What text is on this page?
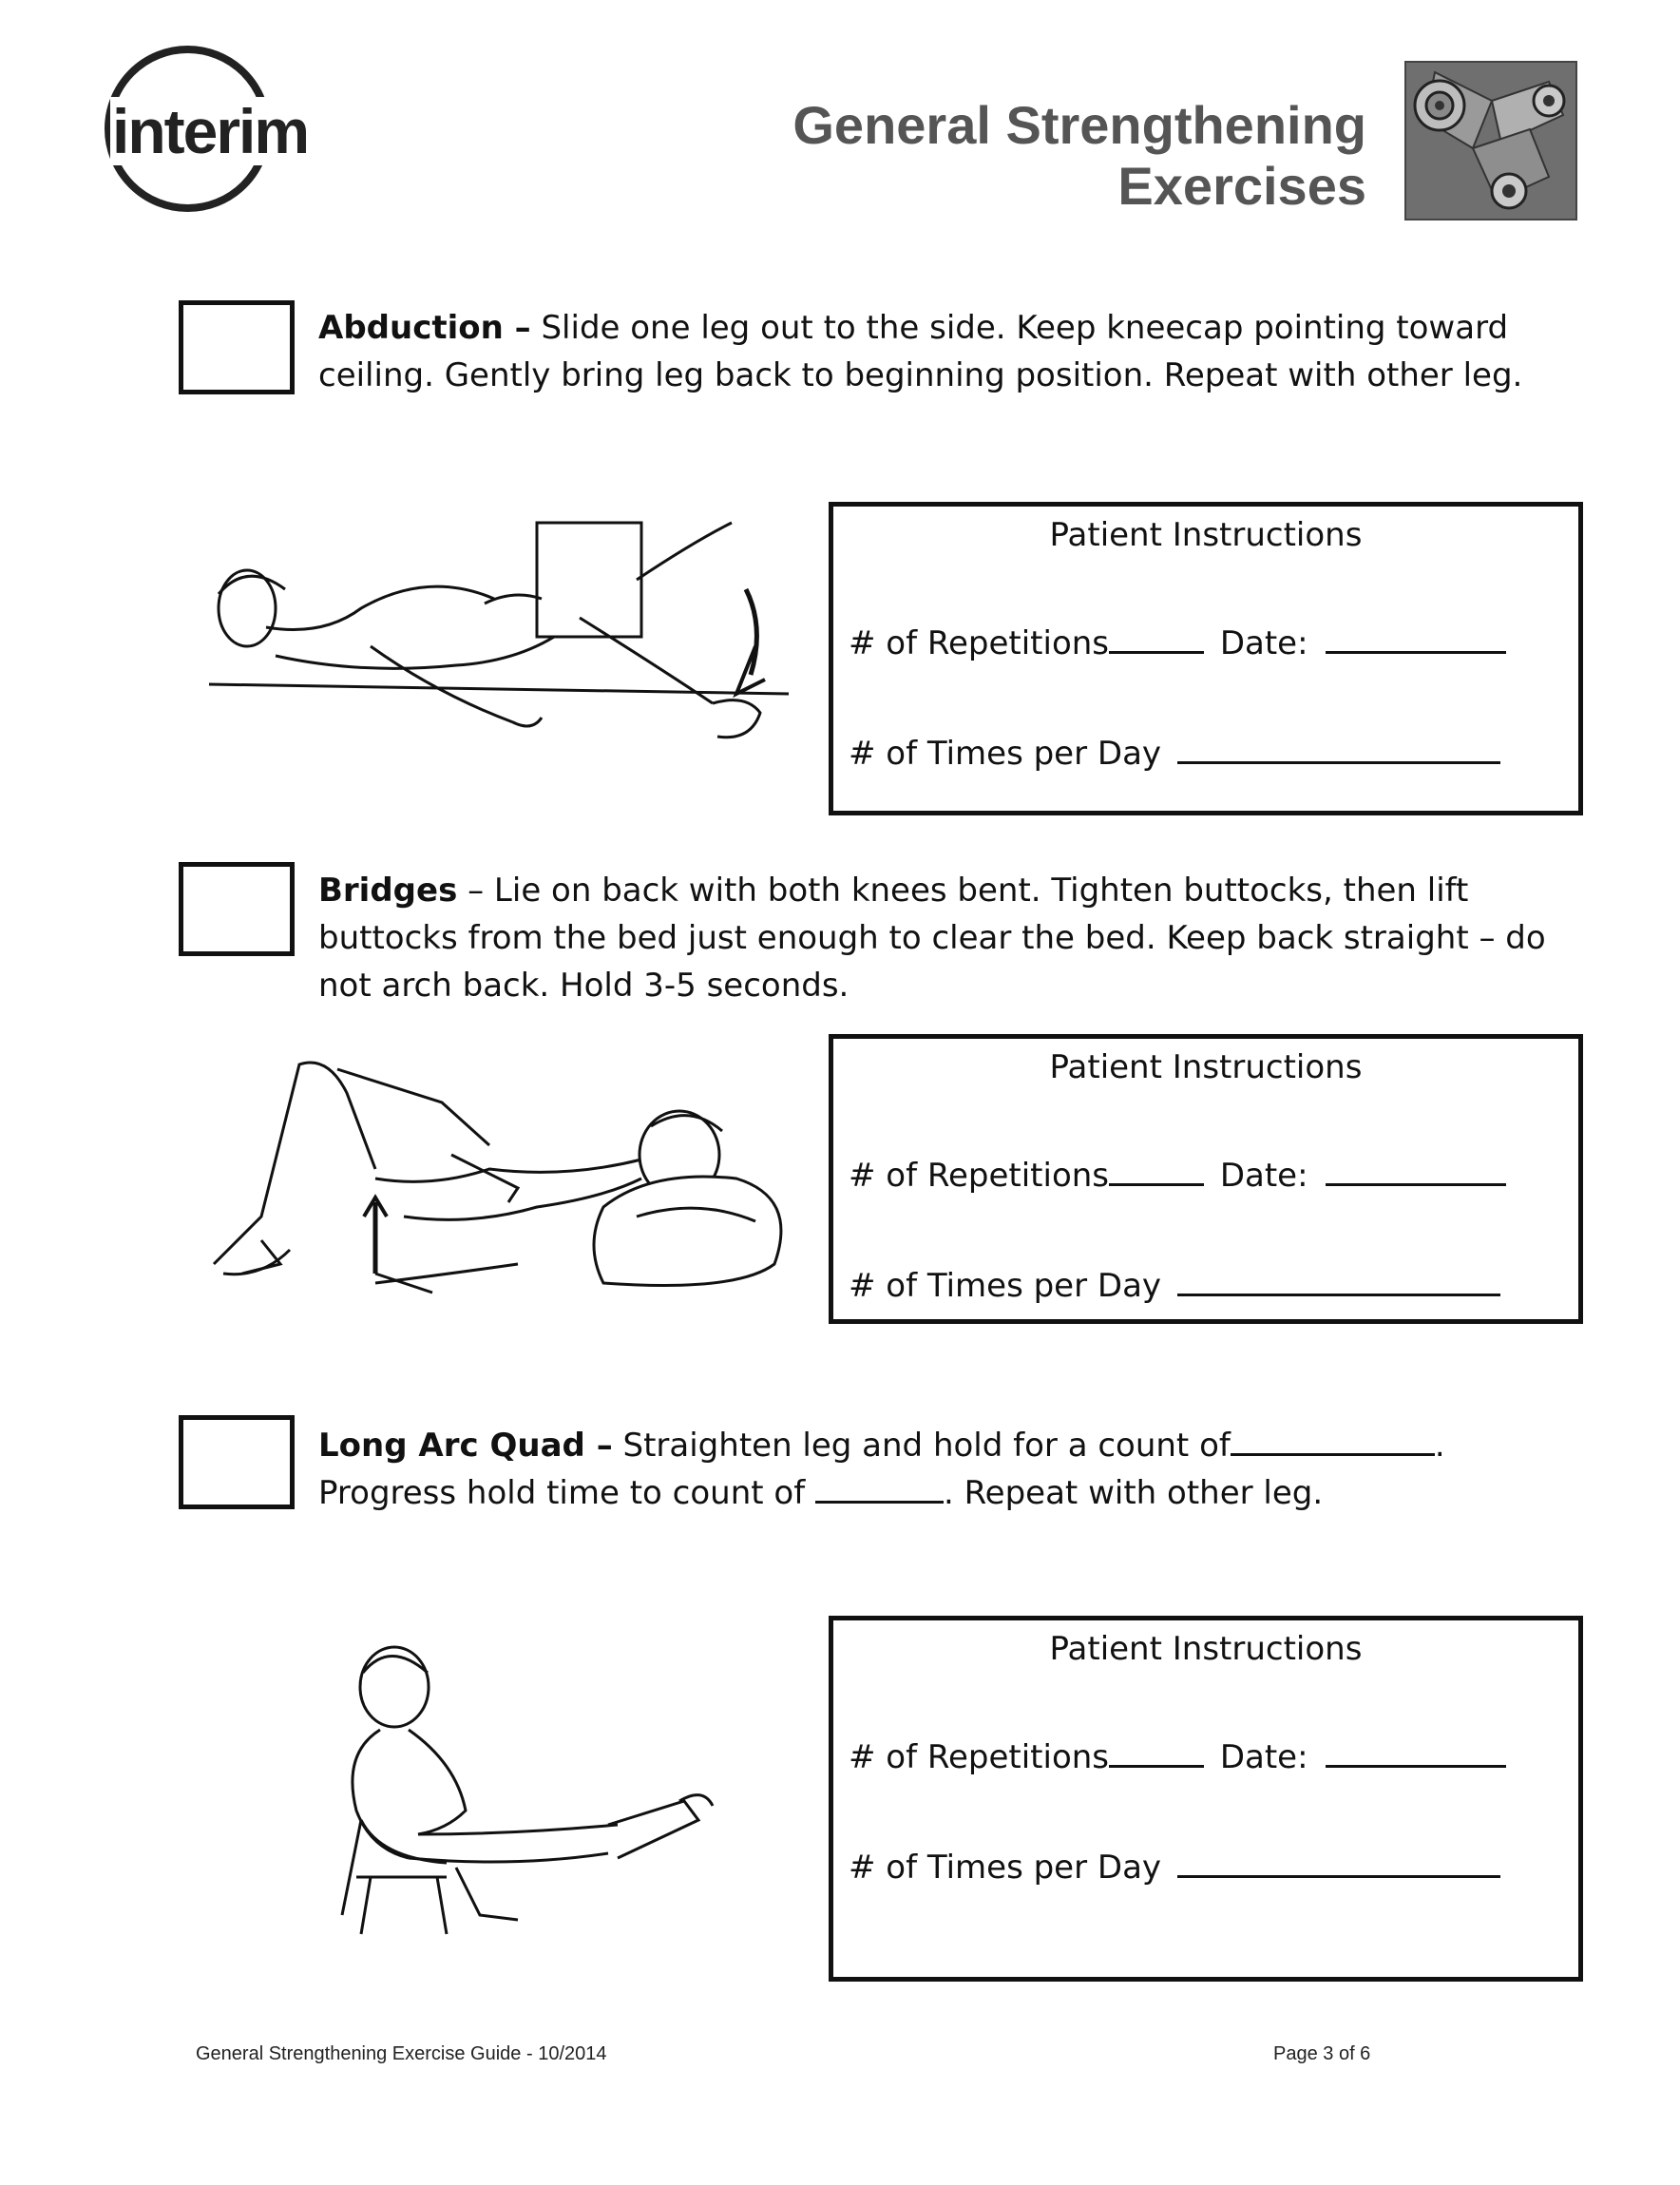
interim	General Strengthening
Exercises
Abduction – Slide one leg out to the side. Keep kneecap pointing toward ceiling. Gently bring leg back to beginning position. Repeat with other leg.
Patient Instructions
# of Repetitions	Date:
# of Times per Day
Bridges – Lie on back with both knees bent. Tighten buttocks, then lift buttocks from the bed just enough to clear the bed. Keep back straight – do not arch back. Hold 3-5 seconds.
Patient Instructions
# of Repetitions	Date:
# of Times per Day
Long Arc Quad – Straighten leg and hold for a count of	. Progress hold time to count of	. Repeat with other leg.
Patient Instructions
# of Repetitions	Date:
# of Times per Day
General Strengthening Exercise Guide - 10/2014	Page 3 of 6
